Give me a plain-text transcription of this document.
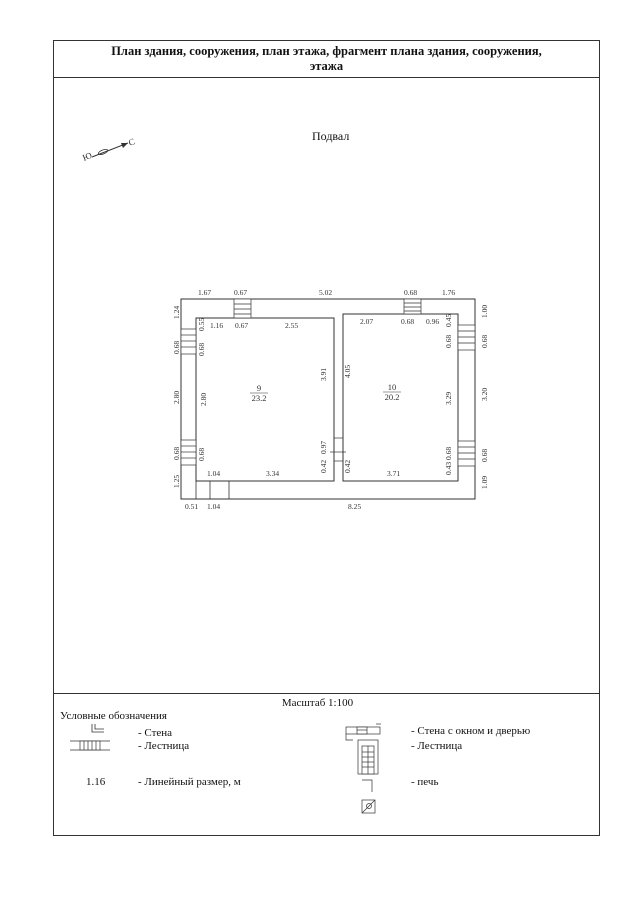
План здания, сооружения, план этажа, фрагмент плана здания, сооружения,
этажа
Подвал
С
Ю
1.67	0.67	5.02	0.68	1.76
1.16 0.67	2.55	2.07	0.68 0.96 0.45
1.24
0.68
2.80
0.68
1.25
0.55
0.68
2.80
0.68
3.91
0.97
0.42
4.05
0.42
0.68
3.29
0.68
0.43
1.00
0.68
3.20
0.68
1.09
1.04	3.34	3.71
0.51 1.04	8.25
9
23.2
10
20.2
Масштаб 1:100
Условные обозначения
- Стена
- Лестница
1.16	- Линейный размер, м
- Стена с окном и дверью
- Лестница
- печь
